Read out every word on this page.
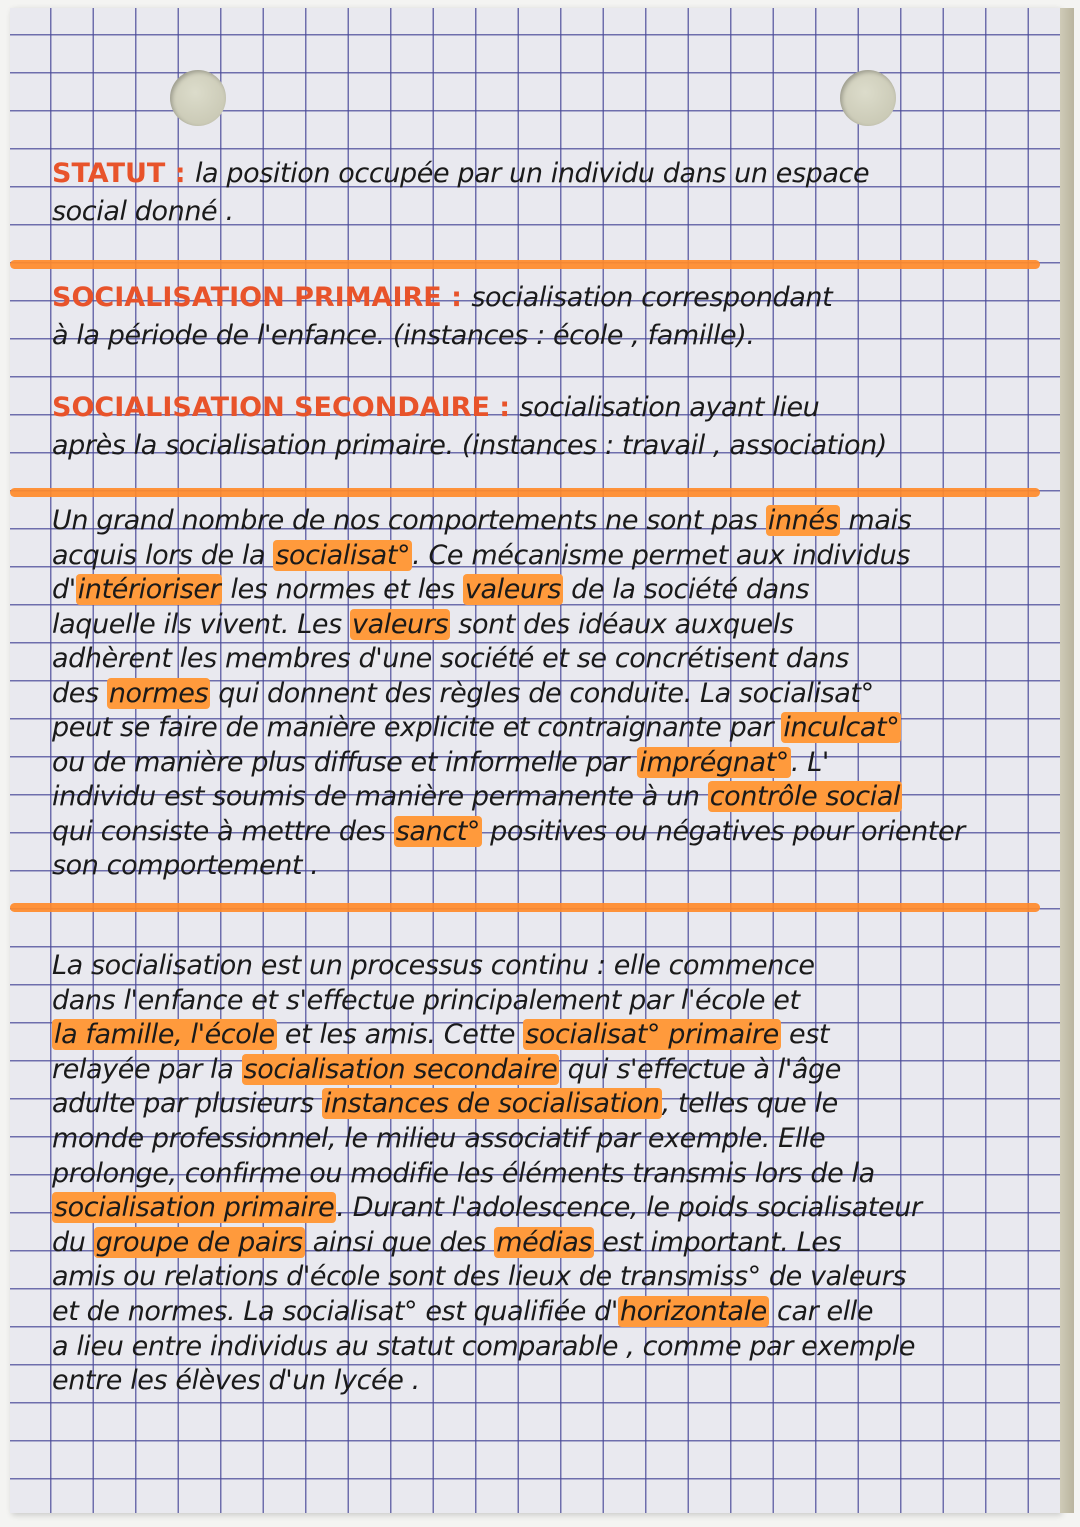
STATUT : la position occupée par un individu dans un espace
social donné .
SOCIALISATION PRIMAIRE : socialisation correspondant
à la période de l'enfance. (instances : école , famille).
SOCIALISATION SECONDAIRE : socialisation ayant lieu
après la socialisation primaire. (instances : travail , association)
Un grand nombre de nos comportements ne sont pas innés mais
acquis lors de la socialisat°. Ce mécanisme permet aux individus
d'intérioriser les normes et les valeurs de la société dans
laquelle ils vivent. Les valeurs sont des idéaux auxquels
adhèrent les membres d'une société et se concrétisent dans
des normes qui donnent des règles de conduite. La socialisat°
peut se faire de manière explicite et contraignante par inculcat°
ou de manière plus diffuse et informelle par imprégnat°. L'
individu est soumis de manière permanente à un contrôle social
qui consiste à mettre des sanct° positives ou négatives pour orienter
son comportement .
La socialisation est un processus continu : elle commence
dans l'enfance et s'effectue principalement par l'école et
la famille, l'école et les amis. Cette socialisat° primaire est
relayée par la socialisation secondaire qui s'effectue à l'âge
adulte par plusieurs instances de socialisation, telles que le
monde professionnel, le milieu associatif par exemple. Elle
prolonge, confirme ou modifie les éléments transmis lors de la
socialisation primaire. Durant l'adolescence, le poids socialisateur
du groupe de pairs ainsi que des médias est important. Les
amis ou relations d'école sont des lieux de transmiss° de valeurs
et de normes. La socialisat° est qualifiée d'horizontale car elle
a lieu entre individus au statut comparable , comme par exemple
entre les élèves d'un lycée .
